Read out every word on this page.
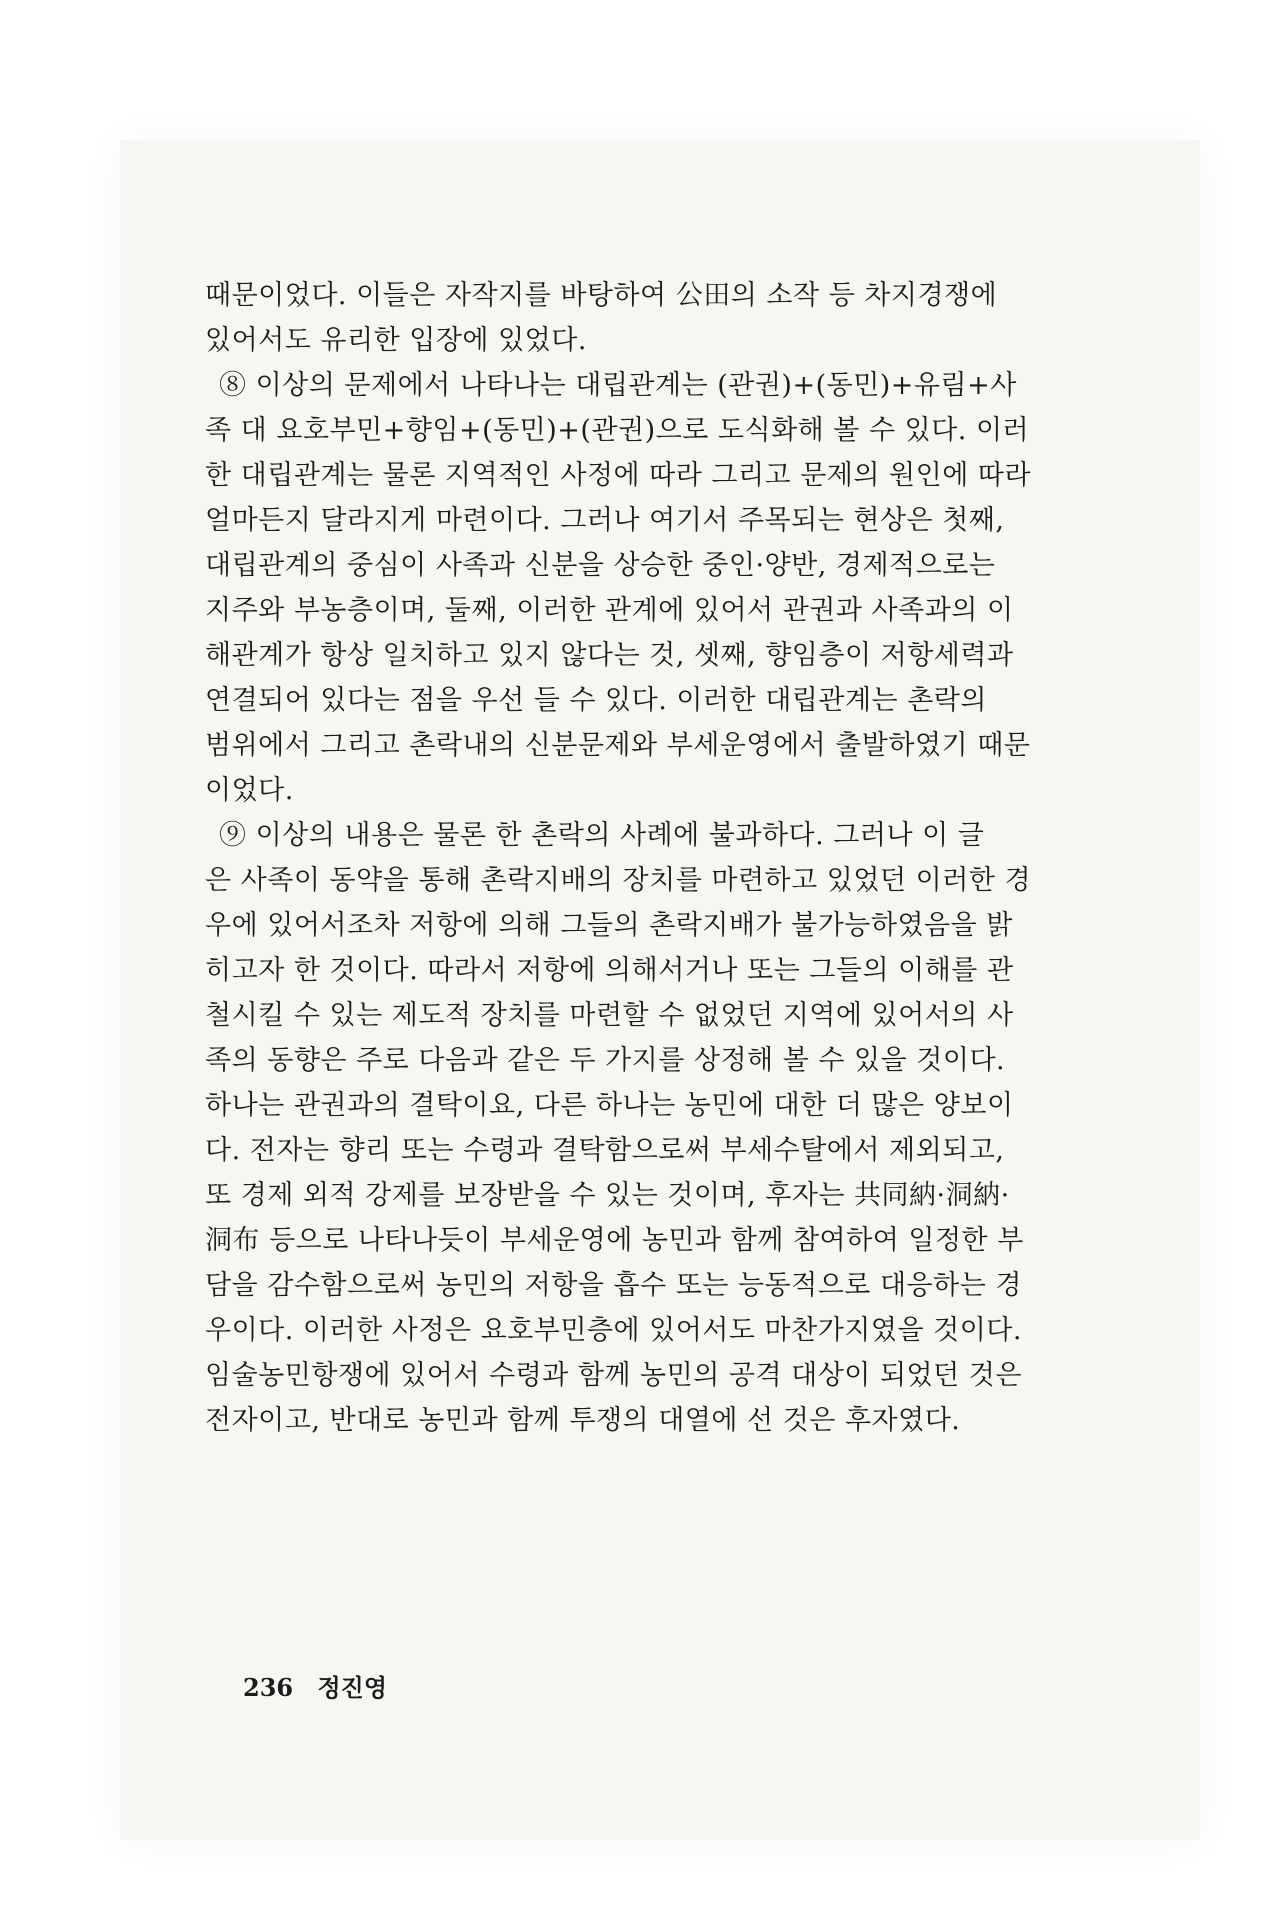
때문이었다. 이들은 자작지를 바탕하여 公田의 소작 등 차지경쟁에
있어서도 유리한 입장에 있었다.
⑧ 이상의 문제에서 나타나는 대립관계는 (관권)+(동민)+유림+사
족 대 요호부민+향임+(동민)+(관권)으로 도식화해 볼 수 있다. 이러
한 대립관계는 물론 지역적인 사정에 따라 그리고 문제의 원인에 따라
얼마든지 달라지게 마련이다. 그러나 여기서 주목되는 현상은 첫째,
대립관계의 중심이 사족과 신분을 상승한 중인·양반, 경제적으로는
지주와 부농층이며, 둘째, 이러한 관계에 있어서 관권과 사족과의 이
해관계가 항상 일치하고 있지 않다는 것, 셋째, 향임층이 저항세력과
연결되어 있다는 점을 우선 들 수 있다. 이러한 대립관계는 촌락의
범위에서 그리고 촌락내의 신분문제와 부세운영에서 출발하였기 때문
이었다.
⑨ 이상의 내용은 물론 한 촌락의 사례에 불과하다. 그러나 이 글
은 사족이 동약을 통해 촌락지배의 장치를 마련하고 있었던 이러한 경
우에 있어서조차 저항에 의해 그들의 촌락지배가 불가능하였음을 밝
히고자 한 것이다. 따라서 저항에 의해서거나 또는 그들의 이해를 관
철시킬 수 있는 제도적 장치를 마련할 수 없었던 지역에 있어서의 사
족의 동향은 주로 다음과 같은 두 가지를 상정해 볼 수 있을 것이다.
하나는 관권과의 결탁이요, 다른 하나는 농민에 대한 더 많은 양보이
다. 전자는 향리 또는 수령과 결탁함으로써 부세수탈에서 제외되고,
또 경제 외적 강제를 보장받을 수 있는 것이며, 후자는 共同納·洞納·
洞布 등으로 나타나듯이 부세운영에 농민과 함께 참여하여 일정한 부
담을 감수함으로써 농민의 저항을 흡수 또는 능동적으로 대응하는 경
우이다. 이러한 사정은 요호부민층에 있어서도 마찬가지였을 것이다.
임술농민항쟁에 있어서 수령과 함께 농민의 공격 대상이 되었던 것은
전자이고, 반대로 농민과 함께 투쟁의 대열에 선 것은 후자였다.
236 정진영
